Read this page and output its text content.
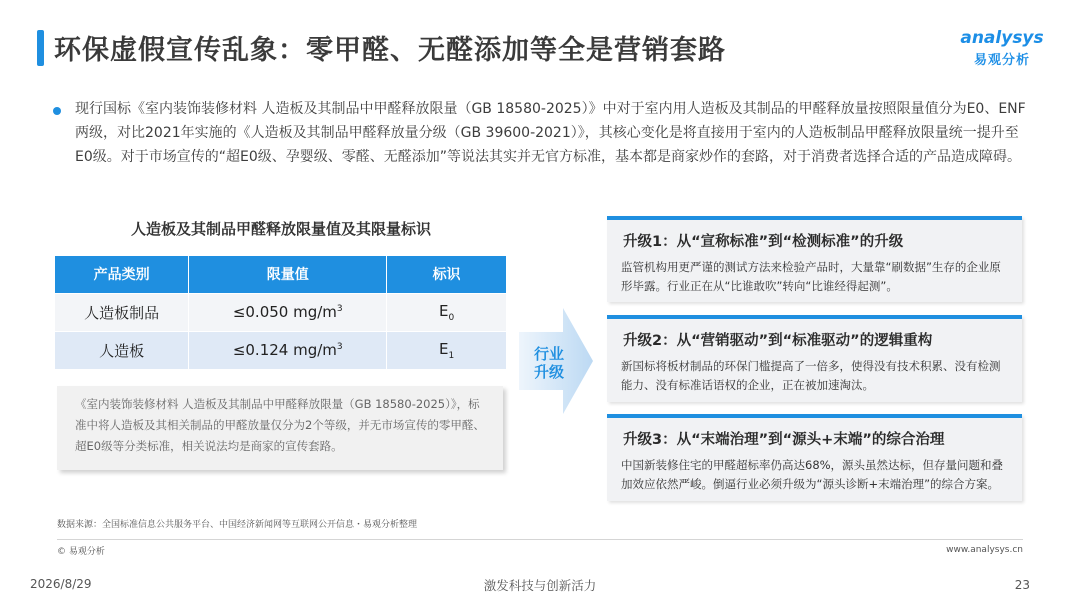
环保虚假宣传乱象：零甲醛、无醛添加等全是营销套路	analysys
易观分析

现行国标《室内装饰装修材料 人造板及其制品中甲醛释放限量（GB 18580-2025）》中对于室内用人造板及其制品的甲醛释放量按照限量值分为E0、ENF两级，对比2021年实施的《人造板及其制品甲醛释放量分级（GB 39600-2021）》，其核心变化是将直接用于室内的人造板制品甲醛释放限量统一提升至E0级。对于市场宣传的“超E0级、孕婴级、零醛、无醛添加”等说法其实并无官方标准，基本都是商家炒作的套路，对于消费者选择合适的产品造成障碍。

人造板及其制品甲醛释放限量值及其限量标识
产品类别	限量值	标识
人造板制品	≤0.050 $mg/m^3$	$E_0$
人造板	≤0.124 $mg/m^3$	$E_1$
《室内装饰装修材料 人造板及其制品中甲醛释放限量（GB 18580-2025）》，标准中将人造板及其相关制品的甲醛放量仅分为2个等级，并无市场宣传的零甲醛、超E0级等分类标准，相关说法均是商家的宣传套路。
行业
升级
升级1：从“宣称标准”到“检测标准”的升级
监管机构用更严谨的测试方法来检验产品时，大量靠“刷数据”生存的企业原形毕露。行业正在从“比谁敢吹”转向“比谁经得起测”。
升级2：从“营销驱动”到“标准驱动”的逻辑重构
新国标将板材制品的环保门槛提高了一倍多，使得没有技术积累、没有检测能力、没有标准话语权的企业，正在被加速淘汰。
升级3：从“末端治理”到“源头+末端”的综合治理
中国新装修住宅的甲醛超标率仍高达68%，源头虽然达标，但存量问题和叠加效应依然严峻。倒逼行业必须升级为“源头诊断+末端治理”的综合方案。
数据来源：全国标准信息公共服务平台、中国经济新闻网等互联网公开信息・易观分析整理
© 易观分析	www.analysys.cn
2026/8/29	激发科技与创新活力	23
